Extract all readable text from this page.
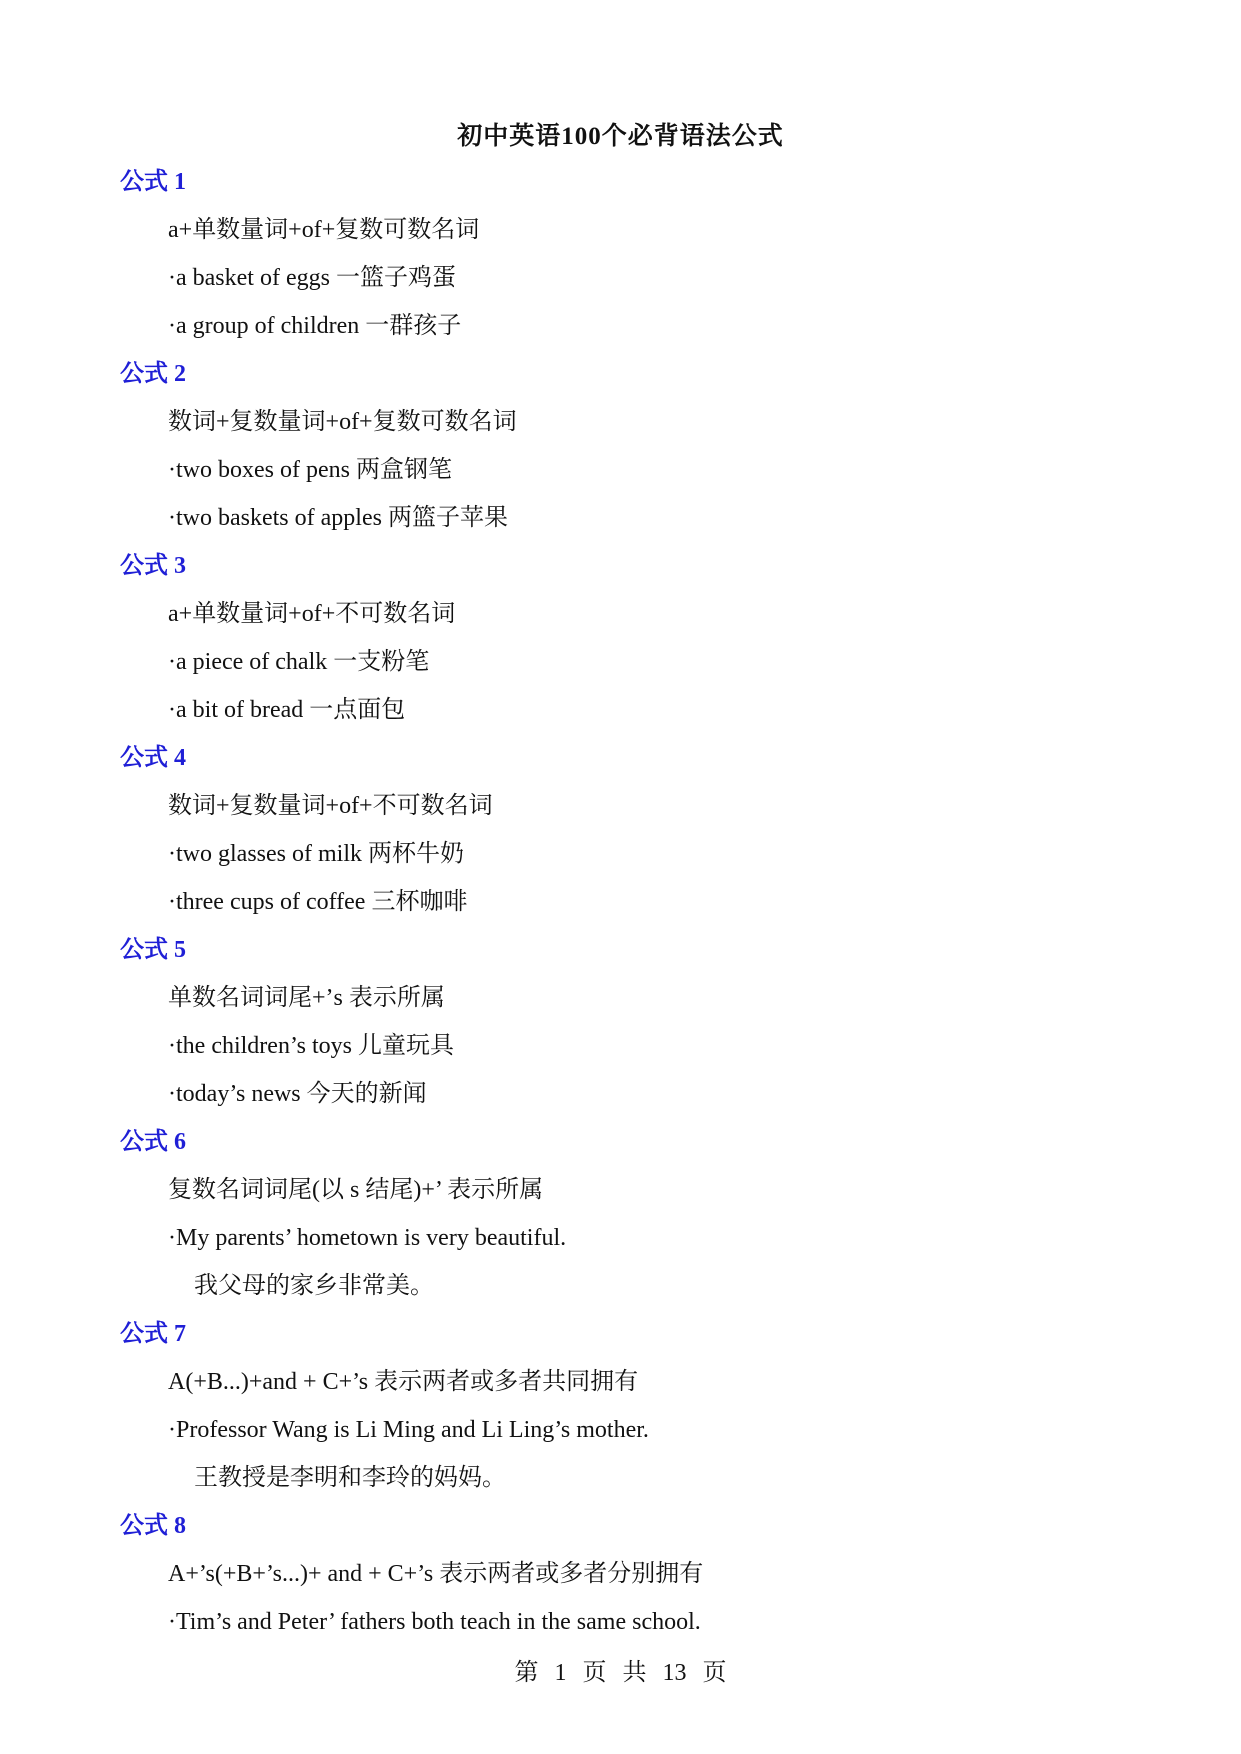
初中英语100个必背语法公式
公式 1
a+单数量词+of+复数可数名词
·a basket of eggs 一篮子鸡蛋
·a group of children 一群孩子
公式 2
数词+复数量词+of+复数可数名词
·two boxes of pens 两盒钢笔
·two baskets of apples 两篮子苹果
公式 3
a+单数量词+of+不可数名词
·a piece of chalk 一支粉笔
·a bit of bread 一点面包
公式 4
数词+复数量词+of+不可数名词
·two glasses of milk 两杯牛奶
·three cups of coffee 三杯咖啡
公式 5
单数名词词尾+’s 表示所属
·the children’s toys 儿童玩具
·today’s news 今天的新闻
公式 6
复数名词词尾(以 s 结尾)+’ 表示所属
·My parents’ hometown is very beautiful.
我父母的家乡非常美。
公式 7
A(+B...)+and + C+’s 表示两者或多者共同拥有
·Professor Wang is Li Ming and Li Ling’s mother.
王教授是李明和李玲的妈妈。
公式 8
A+’s(+B+’s...)+ and + C+’s 表示两者或多者分别拥有
·Tim’s and Peter’ fathers both teach in the same school.
第 1 页 共 13 页
